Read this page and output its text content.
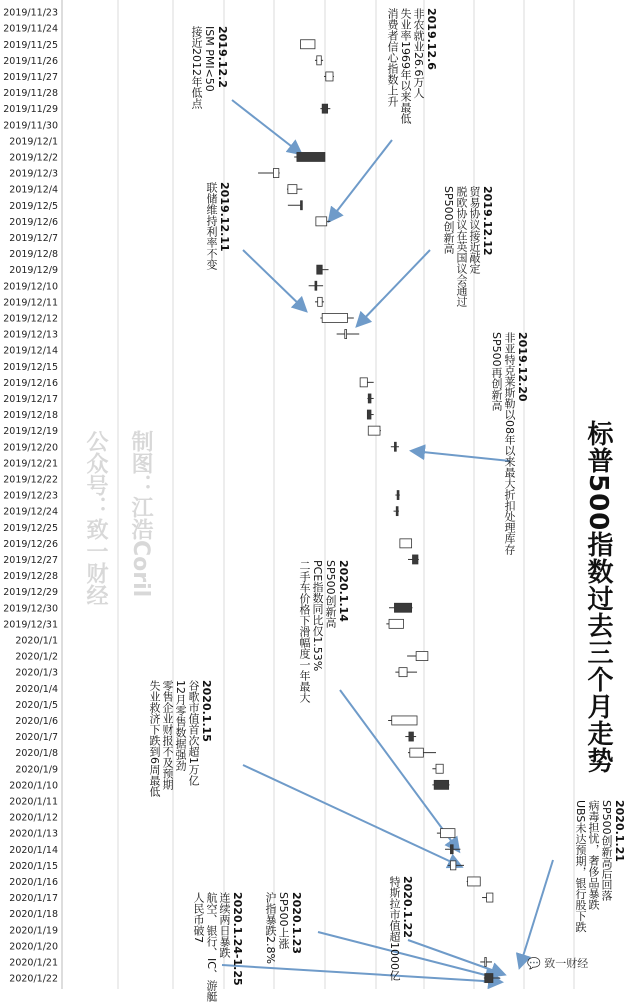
2019/11/23
2019/11/24
2019/11/25
2019/11/26
2019/11/27
2019/11/28
2019/11/29
2019/11/30
2019/12/1
2019/12/2
2019/12/3
2019/12/4
2019/12/5
2019/12/6
2019/12/7
2019/12/8
2019/12/9
2019/12/10
2019/12/11
2019/12/12
2019/12/13
2019/12/14
2019/12/15
2019/12/16
2019/12/17
2019/12/18
2019/12/19
2019/12/20
2019/12/21
2019/12/22
2019/12/23
2019/12/24
2019/12/25
2019/12/26
2019/12/27
2019/12/28
2019/12/29
2019/12/30
2019/12/31
2020/1/1
2020/1/2
2020/1/3
2020/1/4
2020/1/5
2020/1/6
2020/1/7
2020/1/8
2020/1/9
2020/1/10
2020/1/11
2020/1/12
2020/1/13
2020/1/14
2020/1/15
2020/1/16
2020/1/17
2020/1/18
2020/1/19
2020/1/20
2020/1/21
2020/1/22
制图：江浩Coril
公众号：致一财经	标普500指数过去三个月走势
2019.12.6
非农就业26.6万人
失业率1969年以来最低
消费者信心指数上升
2019.12.2
ISM PMI<50
接近2012年低点
2019.12.11
联储维持利率不变	2019.12.12
贸易协议接近敲定
脱欧协议在英国议会通过
SP500创新高
2019.12.20
非亚特克莱斯勒以08年以来最大折扣处理库存
SP500再创新高
2020.1.14
SP500创新高
PCE指数同比仅1.53%
二手车价格下滑幅度一年最大
2020.1.15
谷歌市值首次超1万亿
12月零售数据强劲
零售企业财报不及预期
失业救济下跌到6周最低
2020.1.21
SP500创新高后回落
病毒担忧，奢侈品暴跌
UBS未达预期，银行股下跌
2020.1.22
特斯拉市值超1000亿
2020.1.23
SP500上涨
沪指暴跌2.8%
2020.1.24-1.25
连续两日暴跌
航空、银行、IC、游艇
人民币破7
💬 致一财经
